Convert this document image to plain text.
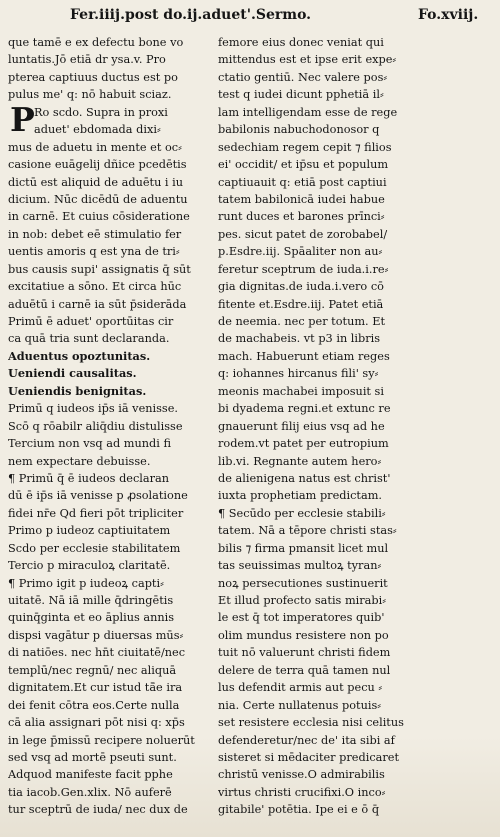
Fer.iiij.post do.ij.aduet'.Sermo.	Fo.xviij.
que tamē e ex defectu bone vo
luntatis.Jō etiā dr ysa.v. Pro
pterea captiuus ductus est po
pulus me' q: nō habuit sciaz.
Ro scdo. Supra in proxi
aduet' ebdomada dixi⸗
mus de aduetu in mente et oc⸗
casione euāgelij dñice pcedētis
dictū est aliquid de aduētu i iu
dicium. Nūc dicēdū de aduentu
in carnē. Et cuius cōsideratione
in nob: debet eē stimulatio fer
uentis amoris q est yna de tri⸗
bus causis supi' assignatis q̄ sūt
excitatiue a sōno. Et circa hūc
aduētū i carnē ia sūt p̄siderāda
Primū ē aduet' oportūitas cir
ca quā tria sunt declaranda.
Aduentus opoztunitas.
Ueniendi causalitas.
Ueniendis benignitas.
Primū q iudeos ip̄s iā venisse.
Scō q rōabilr aliq̄diu distulisse
Tercium non vsq ad mundi fi
nem expectare debuisse.
¶ Primū q̄ ē iudeos declaran
dū ē ip̄s iā venisse p ꝓsolatione
fidei nr̄e Qd fieri pōt tripliciter
Primo p iudeoz captiuitatem
Scdo per ecclesie stabilitatem
Tercio p miraculoꝝ claritatē.
¶ Primo igit p iudeoꝝ capti⸗
uitatē. Nā iā mille q̄dringētis
quinq̄ginta et eo āplius annis
dispsi vagātur p diuersas mūs⸗
di natiōes. nec hn̄t ciuitatē/nec
templū/nec regnū/ nec aliquā
dignitatem.Et cur istud tā̄e ira
dei fenit cōtra eos.Certe nulla
cā alia assignari pōt nisi q: xp̄s
in lege p̄missū recipere noluerūt
sed vsq ad mortē pseuti sunt.
Adquod manifeste facit pphe
tia iacob.Gen.xlix. Nō auferē
tur sceptrū de iuda/ nec dux de
femore eius donec veniat qui
mittendus est et ipse erit expe⸗
ctatio gentiū. Nec valere pos⸗
test q iudei dicunt pphetiā il⸗
lam intelligendam esse de rege
babilonis nabuchodonosor q
sedechiam regem cepit ⁊ filios
ei' occidit/ et ip̄su et populum
captiuauit q: etiā post captiui
tatem babilonicā iudei habue
runt duces et barones prīnci⸗
pes. sicut patet de zorobabel/
p.Esdre.iij. Spāaliter non au⸗
feretur sceptrum de iuda.i.re⸗
gia dignitas.de iuda.i.vero cō
fitente et.Esdre.iij. Patet etiā
de neemia. nec per totum. Et
de machabeis. vt p3 in libris
mach. Habuerunt etiam reges
q: iohannes hircanus fili' sy⸗
meonis machabei imposuit si
bi dyadema regni.et extunc re
gnauerunt filij eius vsq ad he
rodem.vt patet per eutropium
lib.vi. Regnante autem hero⸗
de alienigena natus est christ'
iuxta prophetiam predictam.
¶ Secūdo per ecclesie stabili⸗
tatem. Nā a tēpore christi stas⸗
bilis ⁊ firma pmansit licet mul
tas seuissimas multoꝝ tyran⸗
noꝝ persecutiones sustinuerit
Et illud profecto satis mirabi⸗
le est q̄ tot imperatores quib'
olim mundus resistere non po
tuit nō valuerunt christi fidem
delere de terra quā tamen nul
lus defendit armis aut pecu ⸗
nia. Certe nullatenus potuis⸗
set resistere ecclesia nisi celitus
defenderetur/nec de' ita sibi af
sisteret si mēdaciter predicaret
christū venisse.O admirabilis
virtus christi crucifixi.O inco⸗
gitabile' potētia. Ipe ei e ō q̄
P
